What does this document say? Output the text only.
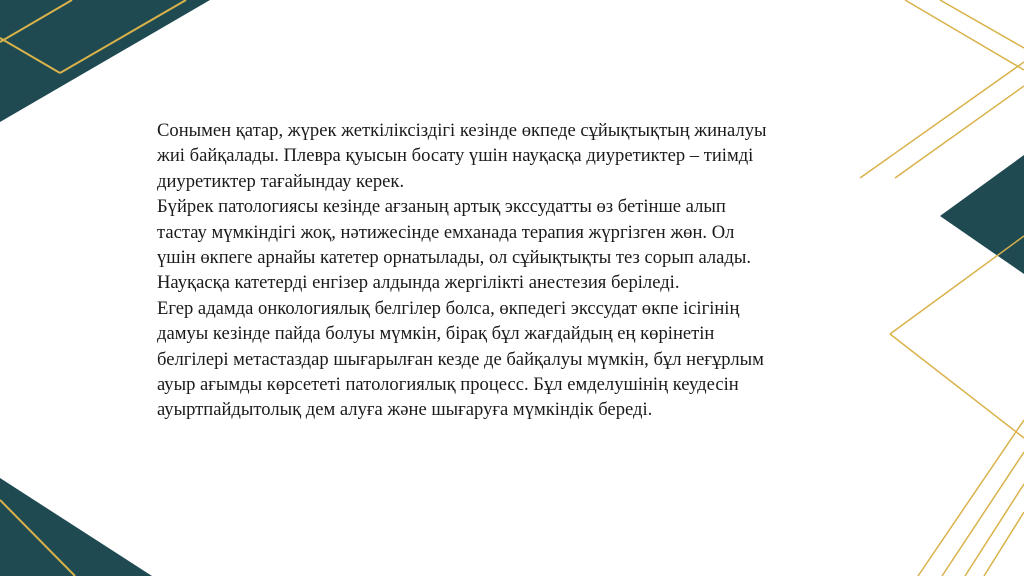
Сонымен қатар, жүрек жеткіліксіздігі кезінде өкпеде сұйықтықтың жиналуы
жиі байқалады. Плевра қуысын босату үшін науқасқа диуретиктер – тиімді
диуретиктер тағайындау керек.
Бүйрек патологиясы кезінде ағзаның артық экссудатты өз бетінше алып
тастау мүмкіндігі жоқ, нәтижесінде емханада терапия жүргізген жөн. Ол
үшін өкпеге арнайы катетер орнатылады, ол сұйықтықты тез сорып алады.
Науқасқа катетерді енгізер алдында жергілікті анестезия беріледі.
Егер адамда онкологиялық белгілер болса, өкпедегі экссудат өкпе ісігінің
дамуы кезінде пайда болуы мүмкін, бірақ бұл жағдайдың ең көрінетін
белгілері метастаздар шығарылған кезде де байқалуы мүмкін, бұл неғұрлым
ауыр ағымды көрсететі патологиялық процесс. Бұл емделушінің кеудесін
ауыртпайдытолық дем алуға және шығаруға мүмкіндік береді.
